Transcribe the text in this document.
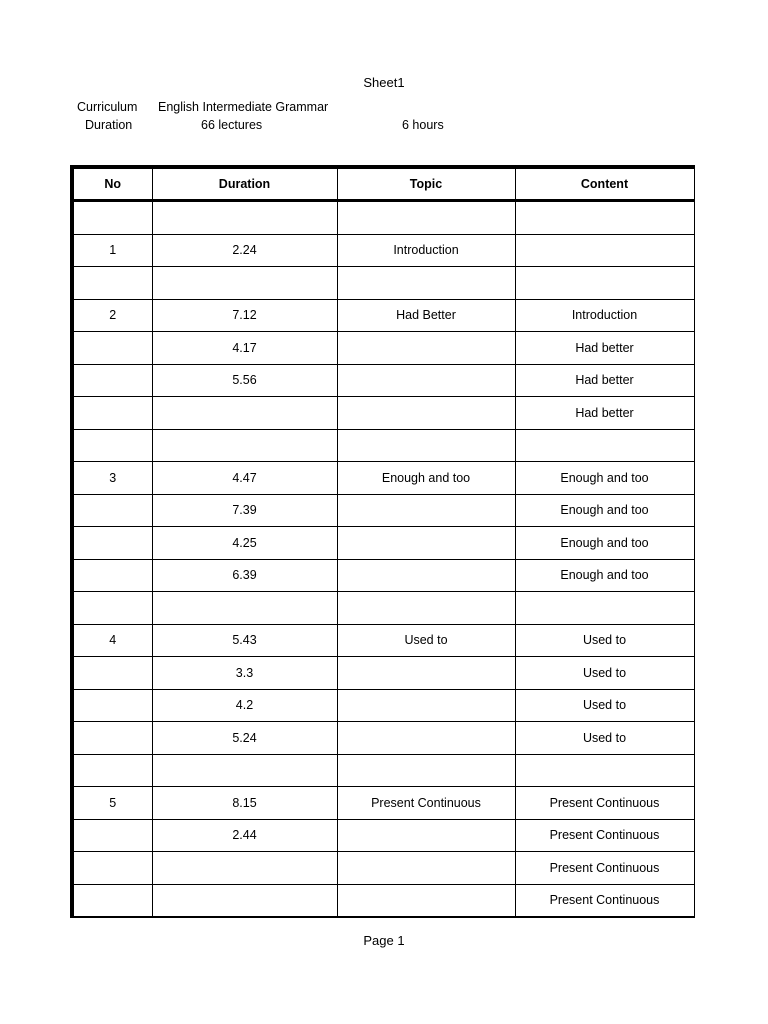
Sheet1
Curriculum English Intermediate Grammar
Duration	66 lectures	6 hours
No	Duration	Topic	Content

1	2.24	Introduction	

2	7.12	Had Better	Introduction
	4.17		Had better
	5.56		Had better
			Had better

3	4.47	Enough and too	Enough and too
	7.39		Enough and too
	4.25		Enough and too
	6.39		Enough and too

4	5.43	Used to	Used to
	3.3		Used to
	4.2		Used to
	5.24		Used to

5	8.15	Present Continuous	Present Continuous
	2.44		Present Continuous
			Present Continuous
			Present Continuous
Page 1
